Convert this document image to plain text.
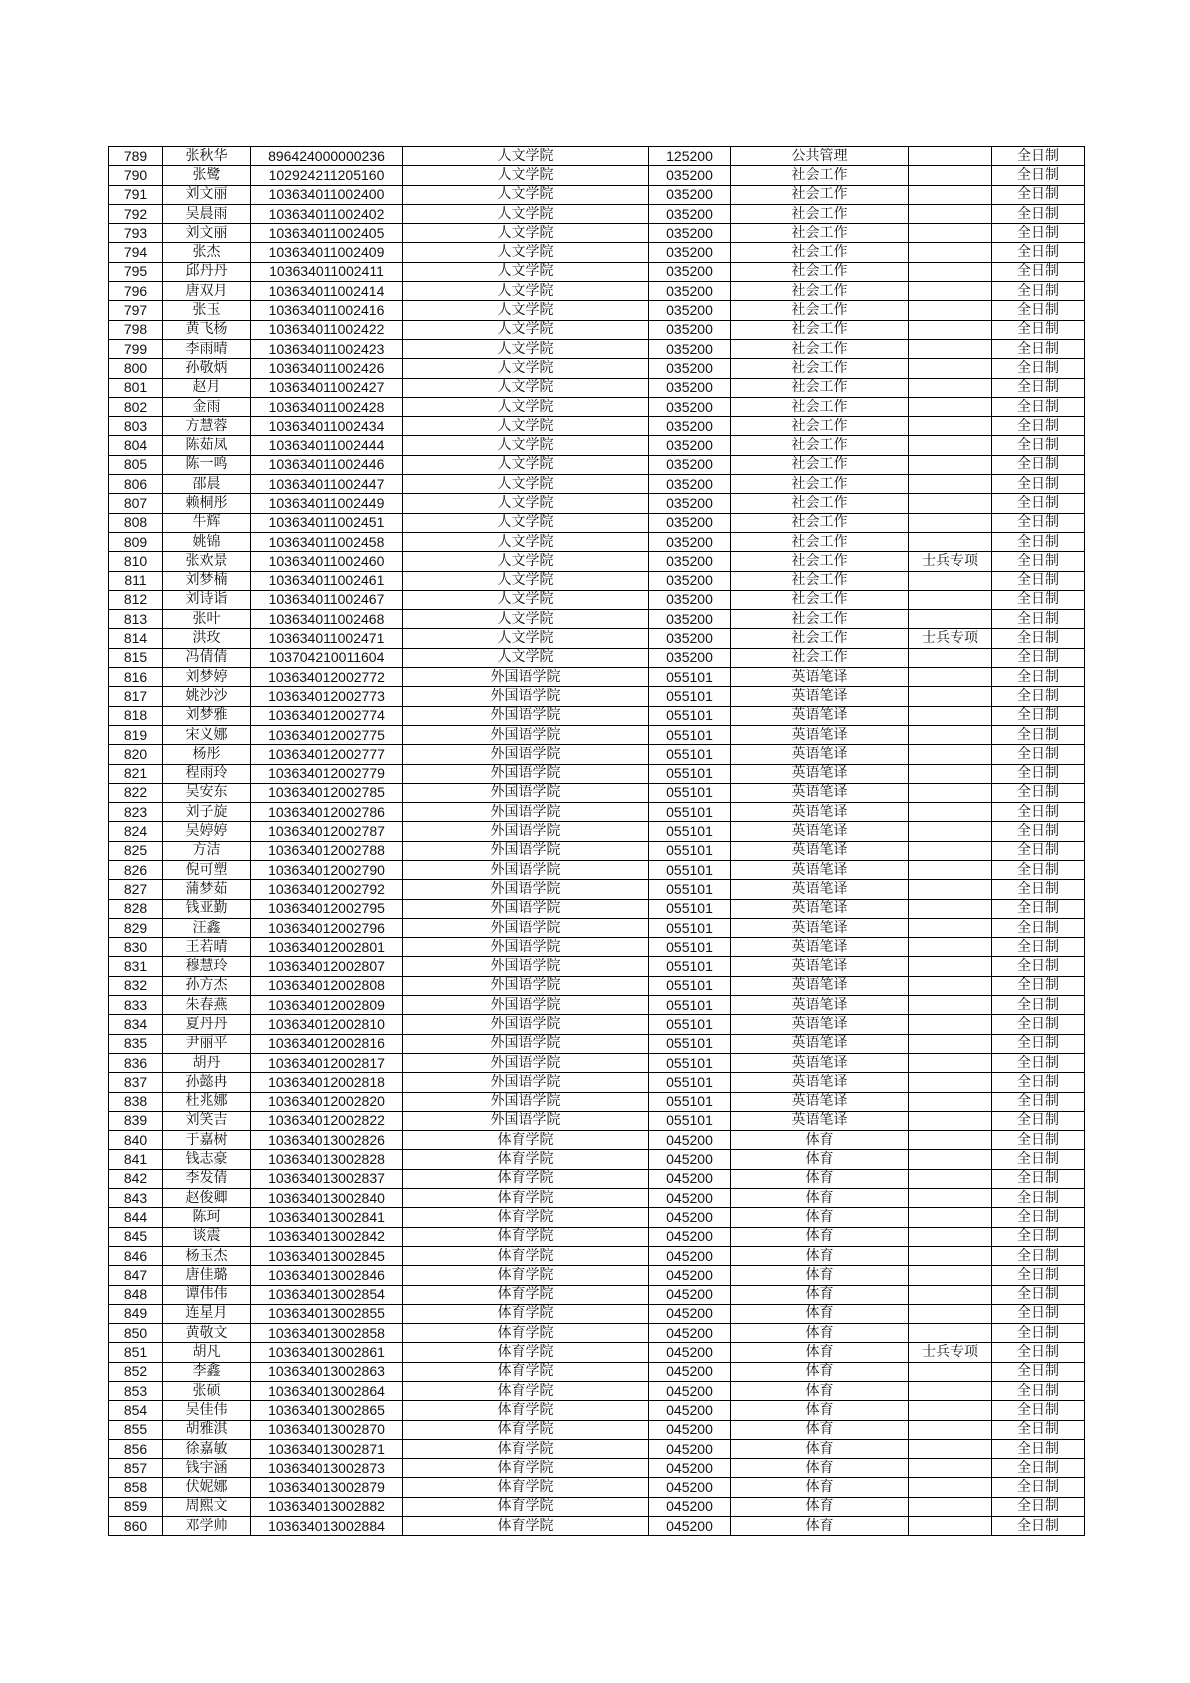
789	张秋华	896424000000236	人文学院	125200	公共管理		全日制
790	张鹭	102924211205160	人文学院	035200	社会工作		全日制
791	刘文丽	103634011002400	人文学院	035200	社会工作		全日制
792	吴晨雨	103634011002402	人文学院	035200	社会工作		全日制
793	刘文丽	103634011002405	人文学院	035200	社会工作		全日制
794	张杰	103634011002409	人文学院	035200	社会工作		全日制
795	邱丹丹	103634011002411	人文学院	035200	社会工作		全日制
796	唐双月	103634011002414	人文学院	035200	社会工作		全日制
797	张玉	103634011002416	人文学院	035200	社会工作		全日制
798	黄飞杨	103634011002422	人文学院	035200	社会工作		全日制
799	李雨晴	103634011002423	人文学院	035200	社会工作		全日制
800	孙敬炳	103634011002426	人文学院	035200	社会工作		全日制
801	赵月	103634011002427	人文学院	035200	社会工作		全日制
802	金雨	103634011002428	人文学院	035200	社会工作		全日制
803	方慧蓉	103634011002434	人文学院	035200	社会工作		全日制
804	陈茹凤	103634011002444	人文学院	035200	社会工作		全日制
805	陈一鸣	103634011002446	人文学院	035200	社会工作		全日制
806	邵晨	103634011002447	人文学院	035200	社会工作		全日制
807	赖桐彤	103634011002449	人文学院	035200	社会工作		全日制
808	牛辉	103634011002451	人文学院	035200	社会工作		全日制
809	姚锦	103634011002458	人文学院	035200	社会工作		全日制
810	张欢景	103634011002460	人文学院	035200	社会工作	士兵专项	全日制
811	刘梦楠	103634011002461	人文学院	035200	社会工作		全日制
812	刘诗诣	103634011002467	人文学院	035200	社会工作		全日制
813	张叶	103634011002468	人文学院	035200	社会工作		全日制
814	洪玫	103634011002471	人文学院	035200	社会工作	士兵专项	全日制
815	冯倩倩	103704210011604	人文学院	035200	社会工作		全日制
816	刘梦婷	103634012002772	外国语学院	055101	英语笔译		全日制
817	姚沙沙	103634012002773	外国语学院	055101	英语笔译		全日制
818	刘梦雅	103634012002774	外国语学院	055101	英语笔译		全日制
819	宋义娜	103634012002775	外国语学院	055101	英语笔译		全日制
820	杨彤	103634012002777	外国语学院	055101	英语笔译		全日制
821	程雨玲	103634012002779	外国语学院	055101	英语笔译		全日制
822	吴安东	103634012002785	外国语学院	055101	英语笔译		全日制
823	刘子旋	103634012002786	外国语学院	055101	英语笔译		全日制
824	吴婷婷	103634012002787	外国语学院	055101	英语笔译		全日制
825	方洁	103634012002788	外国语学院	055101	英语笔译		全日制
826	倪可塑	103634012002790	外国语学院	055101	英语笔译		全日制
827	蒲梦茹	103634012002792	外国语学院	055101	英语笔译		全日制
828	钱亚勤	103634012002795	外国语学院	055101	英语笔译		全日制
829	汪鑫	103634012002796	外国语学院	055101	英语笔译		全日制
830	王若晴	103634012002801	外国语学院	055101	英语笔译		全日制
831	穆慧玲	103634012002807	外国语学院	055101	英语笔译		全日制
832	孙方杰	103634012002808	外国语学院	055101	英语笔译		全日制
833	朱春燕	103634012002809	外国语学院	055101	英语笔译		全日制
834	夏丹丹	103634012002810	外国语学院	055101	英语笔译		全日制
835	尹丽平	103634012002816	外国语学院	055101	英语笔译		全日制
836	胡丹	103634012002817	外国语学院	055101	英语笔译		全日制
837	孙懿冉	103634012002818	外国语学院	055101	英语笔译		全日制
838	杜兆娜	103634012002820	外国语学院	055101	英语笔译		全日制
839	刘笑吉	103634012002822	外国语学院	055101	英语笔译		全日制
840	于嘉树	103634013002826	体育学院	045200	体育		全日制
841	钱志豪	103634013002828	体育学院	045200	体育		全日制
842	李发倩	103634013002837	体育学院	045200	体育		全日制
843	赵俊卿	103634013002840	体育学院	045200	体育		全日制
844	陈珂	103634013002841	体育学院	045200	体育		全日制
845	谈震	103634013002842	体育学院	045200	体育		全日制
846	杨玉杰	103634013002845	体育学院	045200	体育		全日制
847	唐佳璐	103634013002846	体育学院	045200	体育		全日制
848	谭伟伟	103634013002854	体育学院	045200	体育		全日制
849	连星月	103634013002855	体育学院	045200	体育		全日制
850	黄敬文	103634013002858	体育学院	045200	体育		全日制
851	胡凡	103634013002861	体育学院	045200	体育	士兵专项	全日制
852	李鑫	103634013002863	体育学院	045200	体育		全日制
853	张硕	103634013002864	体育学院	045200	体育		全日制
854	吴佳伟	103634013002865	体育学院	045200	体育		全日制
855	胡雅淇	103634013002870	体育学院	045200	体育		全日制
856	徐嘉敏	103634013002871	体育学院	045200	体育		全日制
857	钱宇涵	103634013002873	体育学院	045200	体育		全日制
858	伏妮娜	103634013002879	体育学院	045200	体育		全日制
859	周熙文	103634013002882	体育学院	045200	体育		全日制
860	邓学帅	103634013002884	体育学院	045200	体育		全日制
